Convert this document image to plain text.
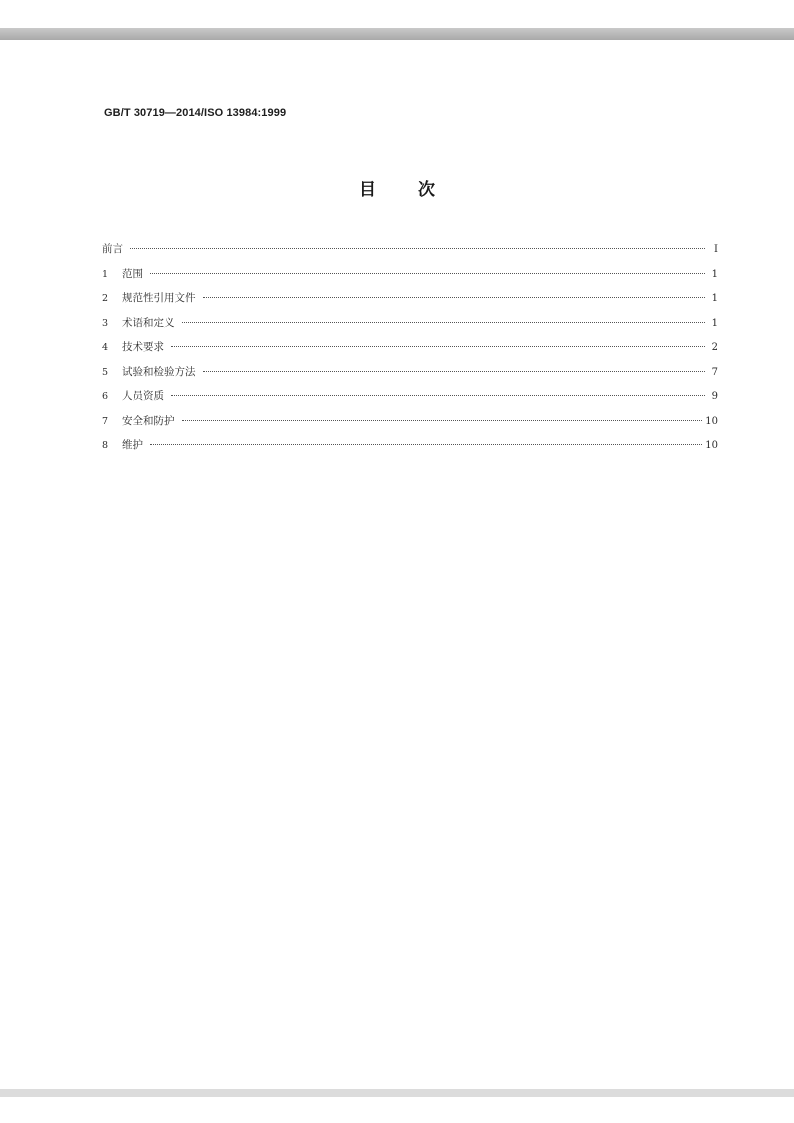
GB/T 30719—2014/ISO 13984:1999
目 次
前言	I
1	范围	1
2	规范性引用文件	1
3	术语和定义	1
4	技术要求	2
5	试验和检验方法	7
6	人员资质	9
7	安全和防护	10
8	维护	10
